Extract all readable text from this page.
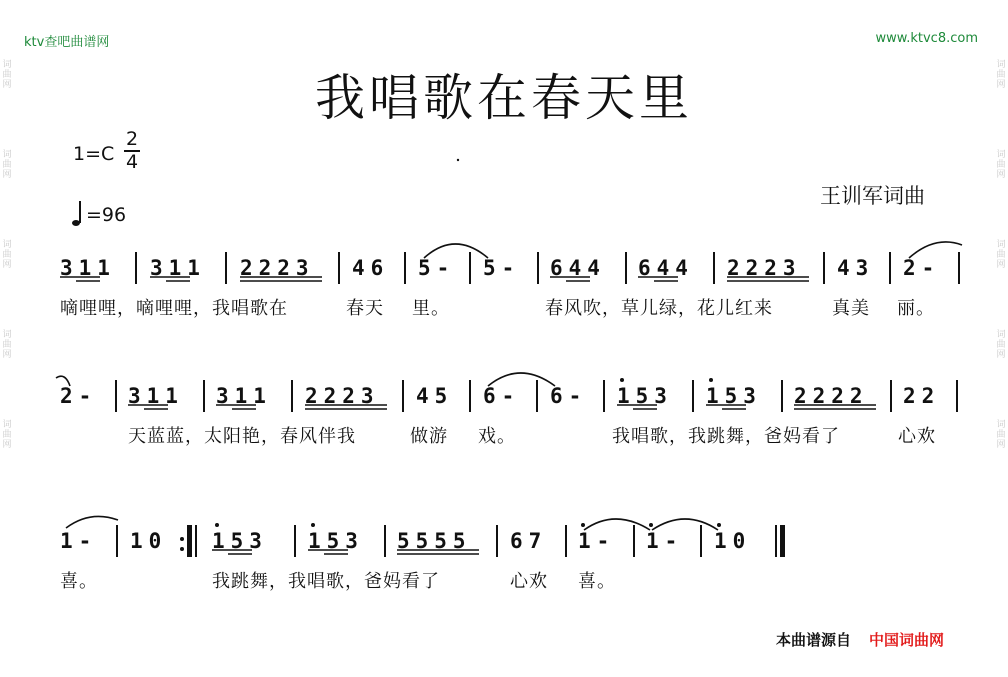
词曲网
词曲网
词曲网
词曲网
词曲网
词曲网
词曲网
词曲网
词曲网
词曲网
ktv查吧曲谱网	www.ktvc8.com
我唱歌在春天里
1=C
2
4
=96
王训军词曲
311 311 2223 46 5- 5- 644 644 2223 43 2-
嘀哩哩，嘀哩哩，我唱歌在	春天 里。	春风吹，草儿绿，花儿红来	真美 丽。
2- 311 311 2223 45 6- 6- 153 153 2222 22
天蓝蓝，太阳艳，春风伴我	做游 戏。	我唱歌，我跳舞，爸妈看了	心欢
1- 10 153 153 5555 67 1- 1- 10
喜。	我跳舞，我唱歌，爸妈看了	心欢 喜。
本曲谱源自 中国词曲网
